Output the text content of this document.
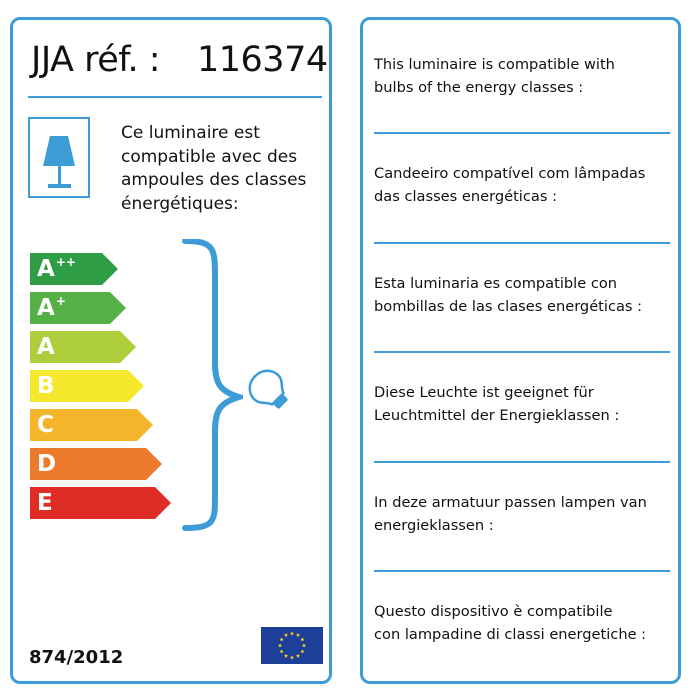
JJA réf. : 116374
Ce luminaire est compatible avec des ampoules des classes énergétiques:
A++
A+
A
B
C
D
E
874/2012
This luminaire is compatible with
bulbs of the energy classes :
Candeeiro compatível com lâmpadas
das classes energéticas :
Esta luminaria es compatible con
bombillas de las clases energéticas :
Diese Leuchte ist geeignet für
Leuchtmittel der Energieklassen :
In deze armatuur passen lampen van
energieklassen :
Questo dispositivo è compatibile
con lampadine di classi energetiche :
